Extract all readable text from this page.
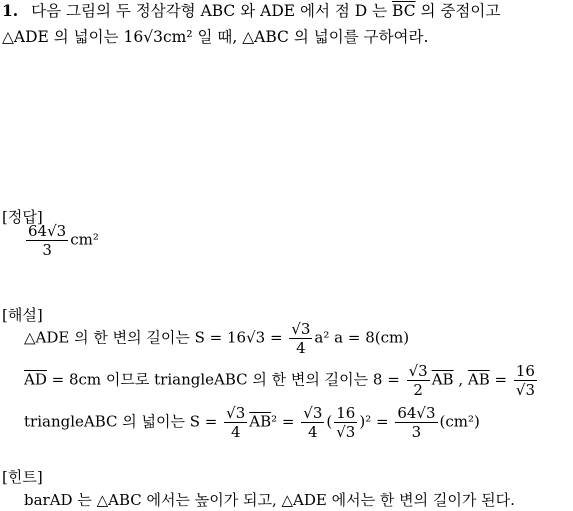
1. 다음 그림의 두 정삼각형 ABC 와 ADE 에서 점 D 는 $\overline{BC}$ 의 중점이고
△ADE 의 넓이는 16√3cm² 일 때, △ABC 의 넓이를 구하여라.
[정답]
$\frac{64√3}{3} cm^2$
[해설]
△ADE 의 한 변의 길이는 $S = 16√3 = \frac{√3}{4} a^2$ a = 8(cm)
$\overline{AD} = 8cm$ 이므로 triangleABC 의 한 변의 길이는 $8 = \frac{√3}{2} \overline{AB}$ , $\overline{AB} = \frac{16}{√3}$
triangleABC 의 넓이는 $S = \frac{√3}{4} \overline{AB}^2 = \frac{√3}{4}$ ( $\frac{16}{√3} )^2 = \frac{64√3}{3} (cm^2)$
[힌트]
barAD 는 △ABC 에서는 높이가 되고, △ADE 에서는 한 변의 길이가 된다.
